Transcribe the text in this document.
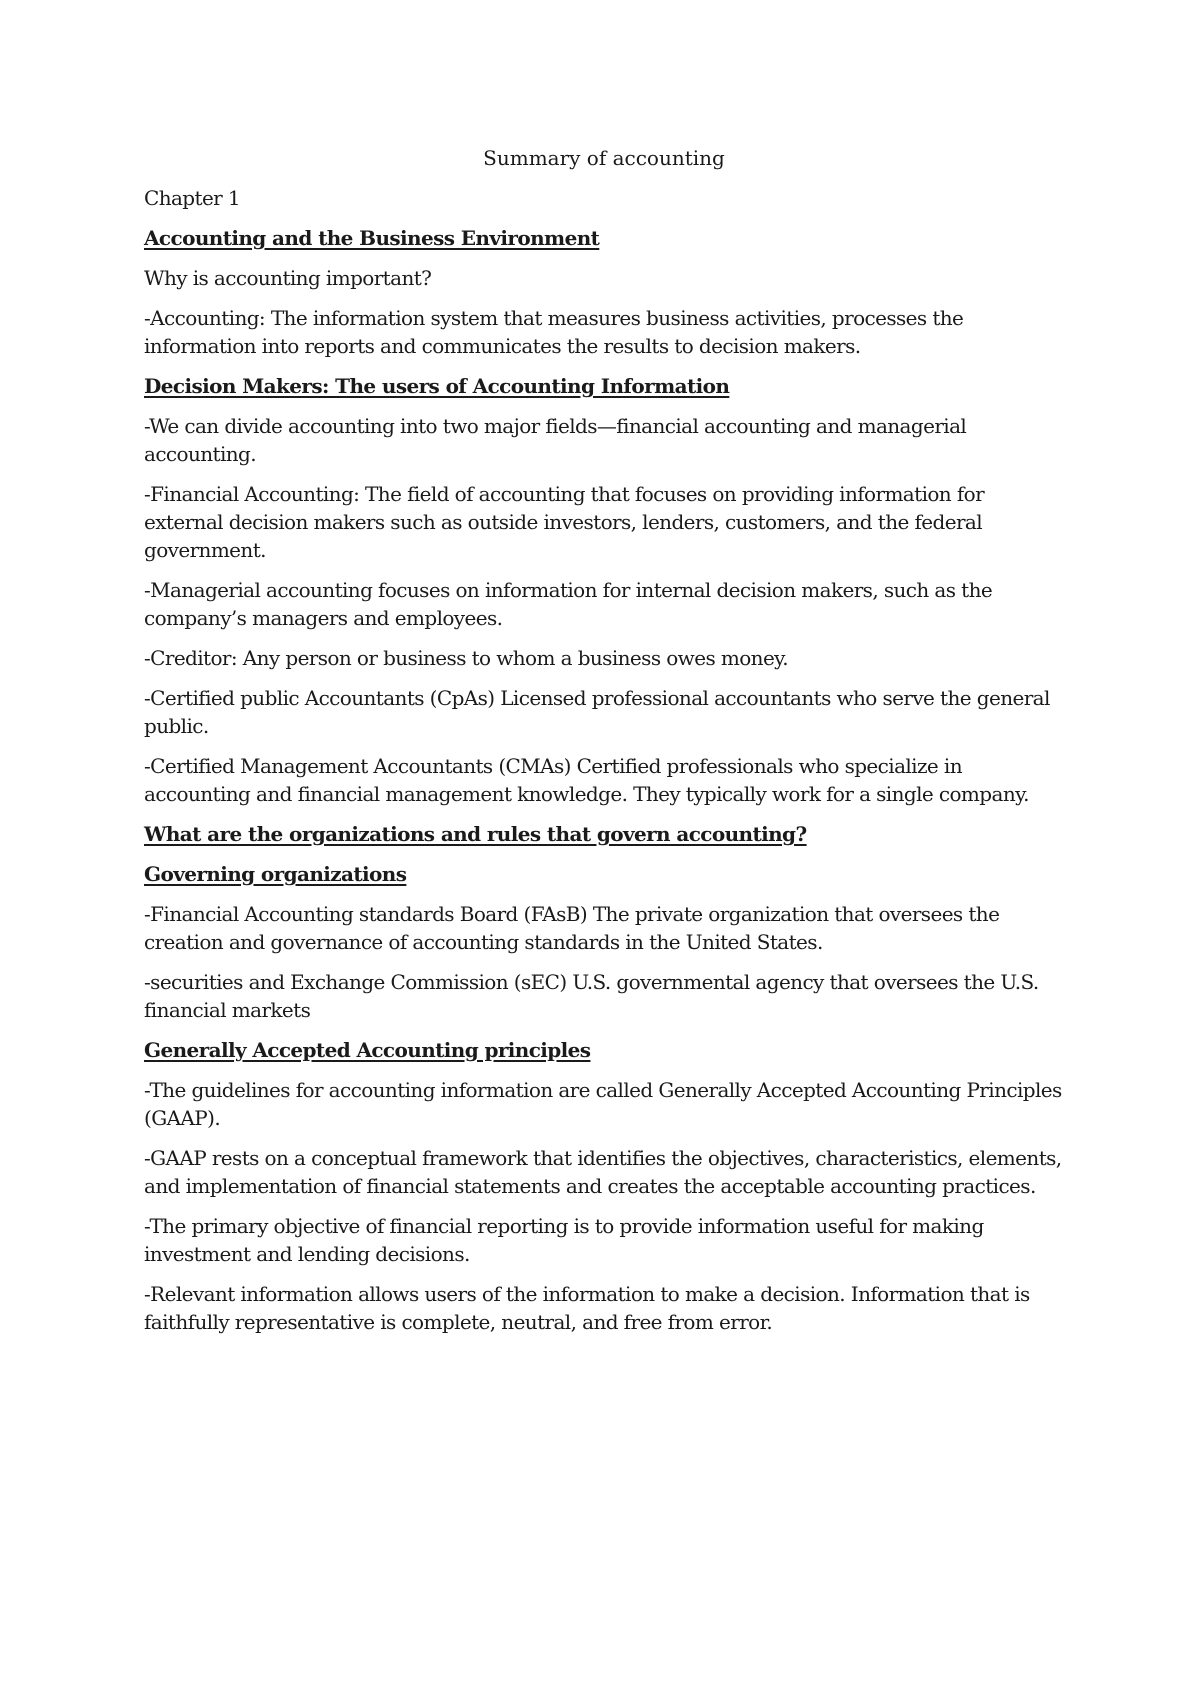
Summary of accounting

Chapter 1

Accounting and the Business Environment

Why is accounting important?

-Accounting: The information system that measures business activities, processes the information into reports and communicates the results to decision makers.

Decision Makers: The users of Accounting Information

-We can divide accounting into two major fields—financial accounting and managerial accounting.

-Financial Accounting: The field of accounting that focuses on providing information for external decision makers such as outside investors, lenders, customers, and the federal government.

-Managerial accounting focuses on information for internal decision makers, such as the company’s managers and employees.

-Creditor: Any person or business to whom a business owes money.

-Certified public Accountants (CpAs) Licensed professional accountants who serve the general public.

-Certified Management Accountants (CMAs) Certified professionals who specialize in accounting and financial management knowledge. They typically work for a single company.

What are the organizations and rules that govern accounting?

Governing organizations

-Financial Accounting standards Board (FAsB) The private organization that oversees the creation and governance of accounting standards in the United States.

-securities and Exchange Commission (sEC) U.S. governmental agency that oversees the U.S. financial markets

Generally Accepted Accounting principles

-The guidelines for accounting information are called Generally Accepted Accounting Principles (GAAP).

-GAAP rests on a conceptual framework that identifies the objectives, characteristics, elements, and implementation of financial statements and creates the acceptable accounting practices.

-The primary objective of financial reporting is to provide information useful for making investment and lending decisions.

-Relevant information allows users of the information to make a decision. Information that is faithfully representative is complete, neutral, and free from error.
